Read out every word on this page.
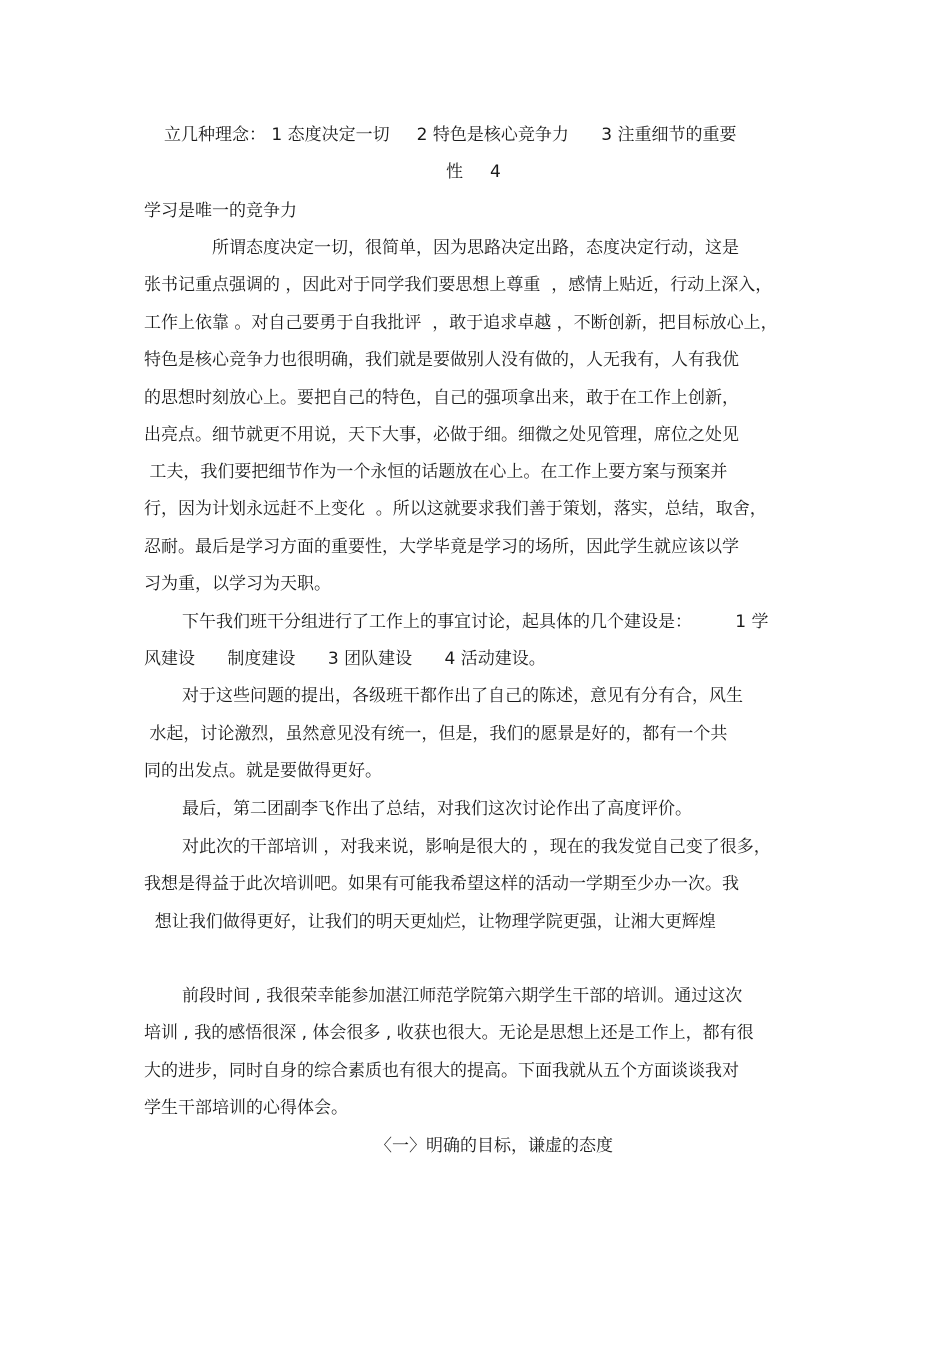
立几种理念： 1 态度决定一切     2 特色是核心竞争力      3 注重细节的重要
性     4
学习是唯一的竞争力
所谓态度决定一切，很简单，因为思路决定出路，态度决定行动，这是
张书记重点强调的 ，因此对于同学我们要思想上尊重  ，感情上贴近，行动上深入，
工作上依靠 。对自己要勇于自我批评  ，敢于追求卓越 ，不断创新，把目标放心上，
特色是核心竞争力也很明确，我们就是要做别人没有做的，人无我有，人有我优
的思想时刻放心上。要把自己的特色，自己的强项拿出来，敢于在工作上创新，
出亮点。细节就更不用说，天下大事，必做于细。细微之处见管理，席位之处见
工夫，我们要把细节作为一个永恒的话题放在心上。在工作上要方案与预案并
行，因为计划永远赶不上变化  。所以这就要求我们善于策划，落实，总结，取舍，
忍耐。最后是学习方面的重要性，大学毕竟是学习的场所，因此学生就应该以学
习为重，以学习为天职。
下午我们班干分组进行了工作上的事宜讨论，起具体的几个建设是：        1 学
风建设      制度建设      3 团队建设      4 活动建设。
对于这些问题的提出，各级班干都作出了自己的陈述，意见有分有合，风生
水起，讨论激烈，虽然意见没有统一，但是，我们的愿景是好的，都有一个共
同的出发点。就是要做得更好。
最后，第二团副李飞作出了总结，对我们这次讨论作出了高度评价。
对此次的干部培训 ，对我来说，影响是很大的 ，现在的我发觉自己变了很多，
我想是得益于此次培训吧。如果有可能我希望这样的活动一学期至少办一次。我
想让我们做得更好，让我们的明天更灿烂，让物理学院更强，让湘大更辉煌
前段时间 , 我很荣幸能参加湛江师范学院第六期学生干部的培训。通过这次
培训 , 我的感悟很深 , 体会很多 , 收获也很大。无论是思想上还是工作上，都有很
大的进步，同时自身的综合素质也有很大的提高。下面我就从五个方面谈谈我对
学生干部培训的心得体会。
〈一〉明确的目标，谦虚的态度
